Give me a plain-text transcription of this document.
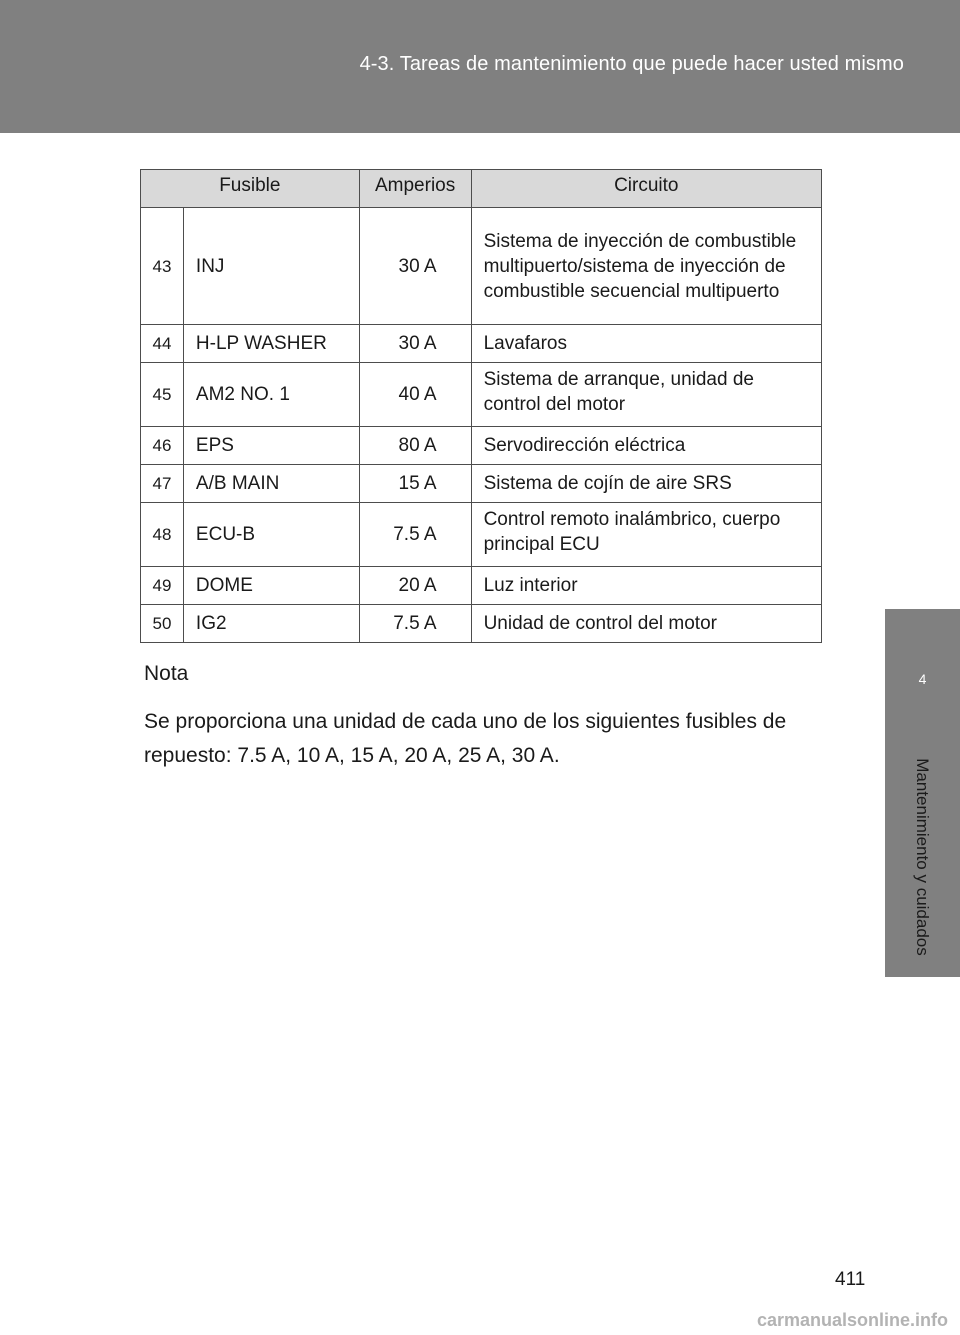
4-3. Tareas de mantenimiento que puede hacer usted mismo
4
Mantenimiento y cuidados
Fusible		Amperios	Circuito
43	INJ	30 A	Sistema de inyección de combustible multipuerto/sistema de inyección de combustible secuencial multipuerto
44	H-LP WASHER	30 A	Lavafaros
45	AM2 NO. 1	40 A	Sistema de arranque, unidad de control del motor
46	EPS	80 A	Servodirección eléctrica
47	A/B MAIN	15 A	Sistema de cojín de aire SRS
48	ECU-B	7.5 A	Control remoto inalámbrico, cuerpo principal ECU
49	DOME	20 A	Luz interior
50	IG2	7.5 A	Unidad de control del motor
Nota
Se proporciona una unidad de cada uno de los siguientes fusibles de repuesto: 7.5 A, 10 A, 15 A, 20 A, 25 A, 30 A.
411
carmanualsonline.info
